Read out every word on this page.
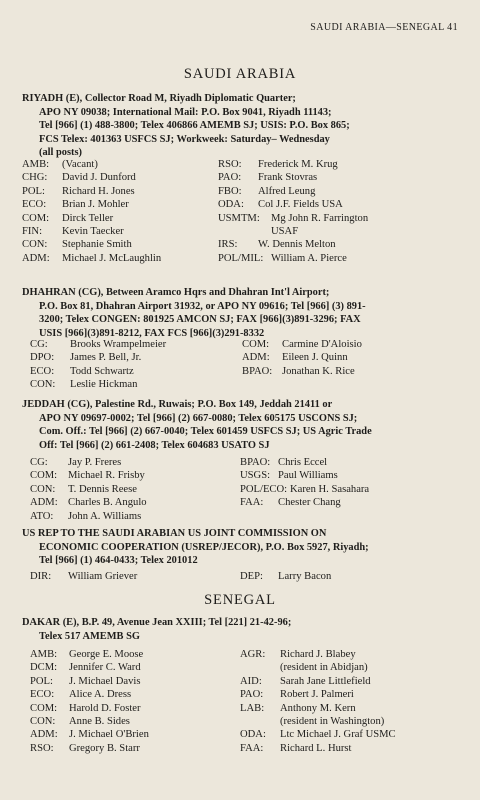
SAUDI ARABIA—SENEGAL 41
SAUDI ARABIA
RIYADH (E), Collector Road M, Riyadh Diplomatic Quarter;
APO NY 09038; International Mail: P.O. Box 9041, Riyadh 11143;
Tel [966] (1) 488-3800; Telex 406866 AMEMB SJ; USIS: P.O. Box 865;
FCS Telex: 401363 USFCS SJ; Workweek: Saturday– Wednesday
(all posts)
AMB: (Vacant)
CHG: David J. Dunford
POL: Richard H. Jones
ECO: Brian J. Mohler
COM: Dirck Teller
FIN: Kevin Taecker
CON: Stephanie Smith
ADM: Michael J. McLaughlin
RSO: Frederick M. Krug
PAO: Frank Stovras
FBO: Alfred Leung
ODA: Col J.F. Fields USA
USMTM: Mg John R. Farrington
USAF
IRS: W. Dennis Melton
POL/MIL: William A. Pierce
DHAHRAN (CG), Between Aramco Hqrs and Dhahran Int'l Airport;
P.O. Box 81, Dhahran Airport 31932, or APO NY 09616; Tel [966] (3) 891-
3200; Telex CONGEN: 801925 AMCON SJ; FAX [966](3)891-3296; FAX
USIS [966](3)891-8212, FAX FCS [966](3)291-8332
CG: Brooks Wrampelmeier
DPO: James P. Bell, Jr.
ECO: Todd Schwartz
CON: Leslie Hickman
COM: Carmine D'Aloisio
ADM: Eileen J. Quinn
BPAO: Jonathan K. Rice
JEDDAH (CG), Palestine Rd., Ruwais; P.O. Box 149, Jeddah 21411 or
APO NY 09697-0002; Tel [966] (2) 667-0080; Telex 605175 USCONS SJ;
Com. Off.: Tel [966] (2) 667-0040; Telex 601459 USFCS SJ; US Agric Trade
Off: Tel [966] (2) 661-2408; Telex 604683 USATO SJ
CG: Jay P. Freres
COM: Michael R. Frisby
CON: T. Dennis Reese
ADM: Charles B. Angulo
ATO: John A. Williams
BPAO: Chris Eccel
USGS: Paul Williams
POL/ECO: Karen H. Sasahara
FAA: Chester Chang
US REP TO THE SAUDI ARABIAN US JOINT COMMISSION ON
ECONOMIC COOPERATION (USREP/JECOR), P.O. Box 5927, Riyadh;
Tel [966] (1) 464-0433; Telex 201012
DIR: William Griever	DEP: Larry Bacon
SENEGAL
DAKAR (E), B.P. 49, Avenue Jean XXIII; Tel [221] 21-42-96;
Telex 517 AMEMB SG
AMB: George E. Moose
DCM: Jennifer C. Ward
POL: J. Michael Davis
ECO: Alice A. Dress
COM: Harold D. Foster
CON: Anne B. Sides
ADM: J. Michael O'Brien
RSO: Gregory B. Starr
AGR: Richard J. Blabey
(resident in Abidjan)
AID: Sarah Jane Littlefield
PAO: Robert J. Palmeri
LAB: Anthony M. Kern
(resident in Washington)
ODA: Ltc Michael J. Graf USMC
FAA: Richard L. Hurst
